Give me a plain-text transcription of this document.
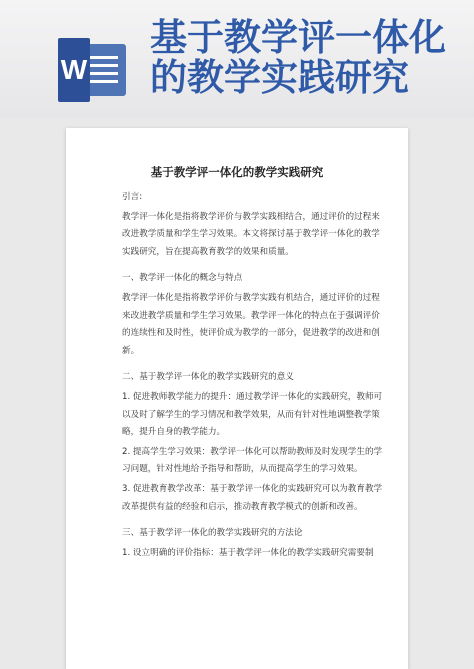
W
基于教学评一体化的教学实践研究
基于教学评一体化的教学实践研究

引言:

教学评一体化是指将教学评价与教学实践相结合，通过评价的过程来改进教学质量和学生学习效果。本文将探讨基于教学评一体化的教学实践研究，旨在提高教育教学的效果和质量。

一、教学评一体化的概念与特点

教学评一体化是指将教学评价与教学实践有机结合，通过评价的过程来改进教学质量和学生学习效果。教学评一体化的特点在于强调评价的连续性和及时性，使评价成为教学的一部分，促进教学的改进和创新。

二、基于教学评一体化的教学实践研究的意义

1. 促进教师教学能力的提升：通过教学评一体化的实践研究，教师可以及时了解学生的学习情况和教学效果，从而有针对性地调整教学策略，提升自身的教学能力。

2. 提高学生学习效果：教学评一体化可以帮助教师及时发现学生的学习问题，针对性地给予指导和帮助，从而提高学生的学习效果。

3. 促进教育教学改革：基于教学评一体化的实践研究可以为教育教学改革提供有益的经验和启示，推动教育教学模式的创新和改善。

三、基于教学评一体化的教学实践研究的方法论

1. 设立明确的评价指标：基于教学评一体化的教学实践研究需要制
